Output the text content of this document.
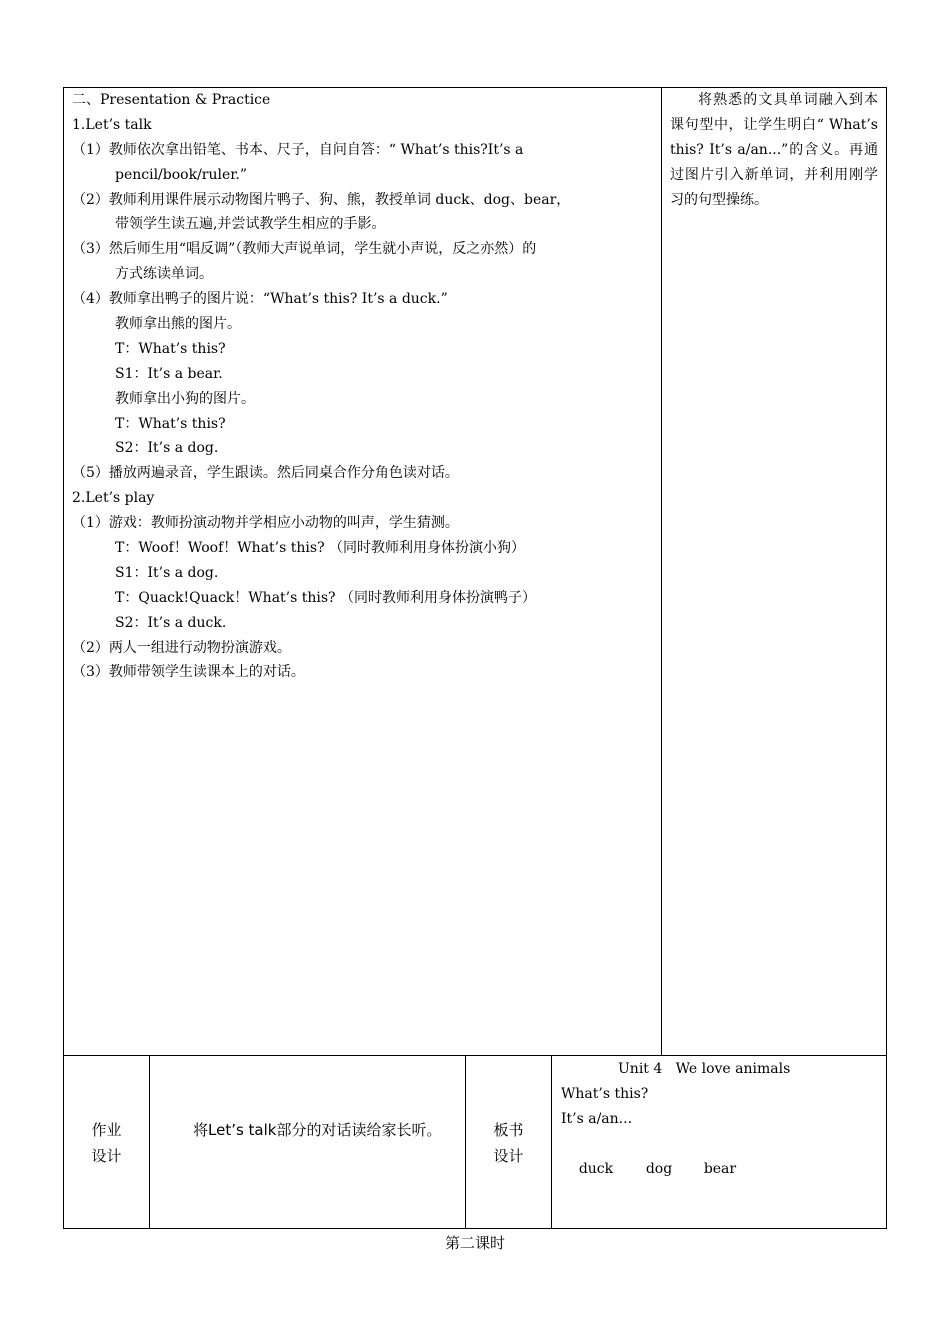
二、Presentation & Practice
1.Let’s talk
（1）教师依次拿出铅笔、书本、尺子，自问自答：“ What’s this?It’s a
pencil/book/ruler.”
（2）教师利用课件展示动物图片鸭子、狗、熊，教授单词 duck、dog、bear，
带领学生读五遍,并尝试教学生相应的手影。
（3）然后师生用“唱反调”（教师大声说单词，学生就小声说，反之亦然）的
方式练读单词。
（4）教师拿出鸭子的图片说：“What’s this? It’s a duck.”
教师拿出熊的图片。
T：What’s this?
S1：It’s a bear.
教师拿出小狗的图片。
T：What’s this?
S2：It’s a dog.
（5）播放两遍录音，学生跟读。然后同桌合作分角色读对话。
2.Let’s play
（1）游戏：教师扮演动物并学相应小动物的叫声，学生猜测。
T：Woof！Woof！What’s this? （同时教师利用身体扮演小狗）
S1：It’s a dog.
T：Quack!Quack！What’s this? （同时教师利用身体扮演鸭子）
S2：It’s a duck.
（2）两人一组进行动物扮演游戏。
（3）教师带领学生读课本上的对话。
将熟悉的文具单词融入到本课句型中，让学生明白“ What’s this? It’s a/an...”的含义。再通过图片引入新单词，并利用刚学习的句型操练。
作业
设计
将Let’s talk部分的对话读给家长听。	板书
设计
Unit 4   We love animals
What’s this?
It’s a/an...

duck dog bear

第二课时
